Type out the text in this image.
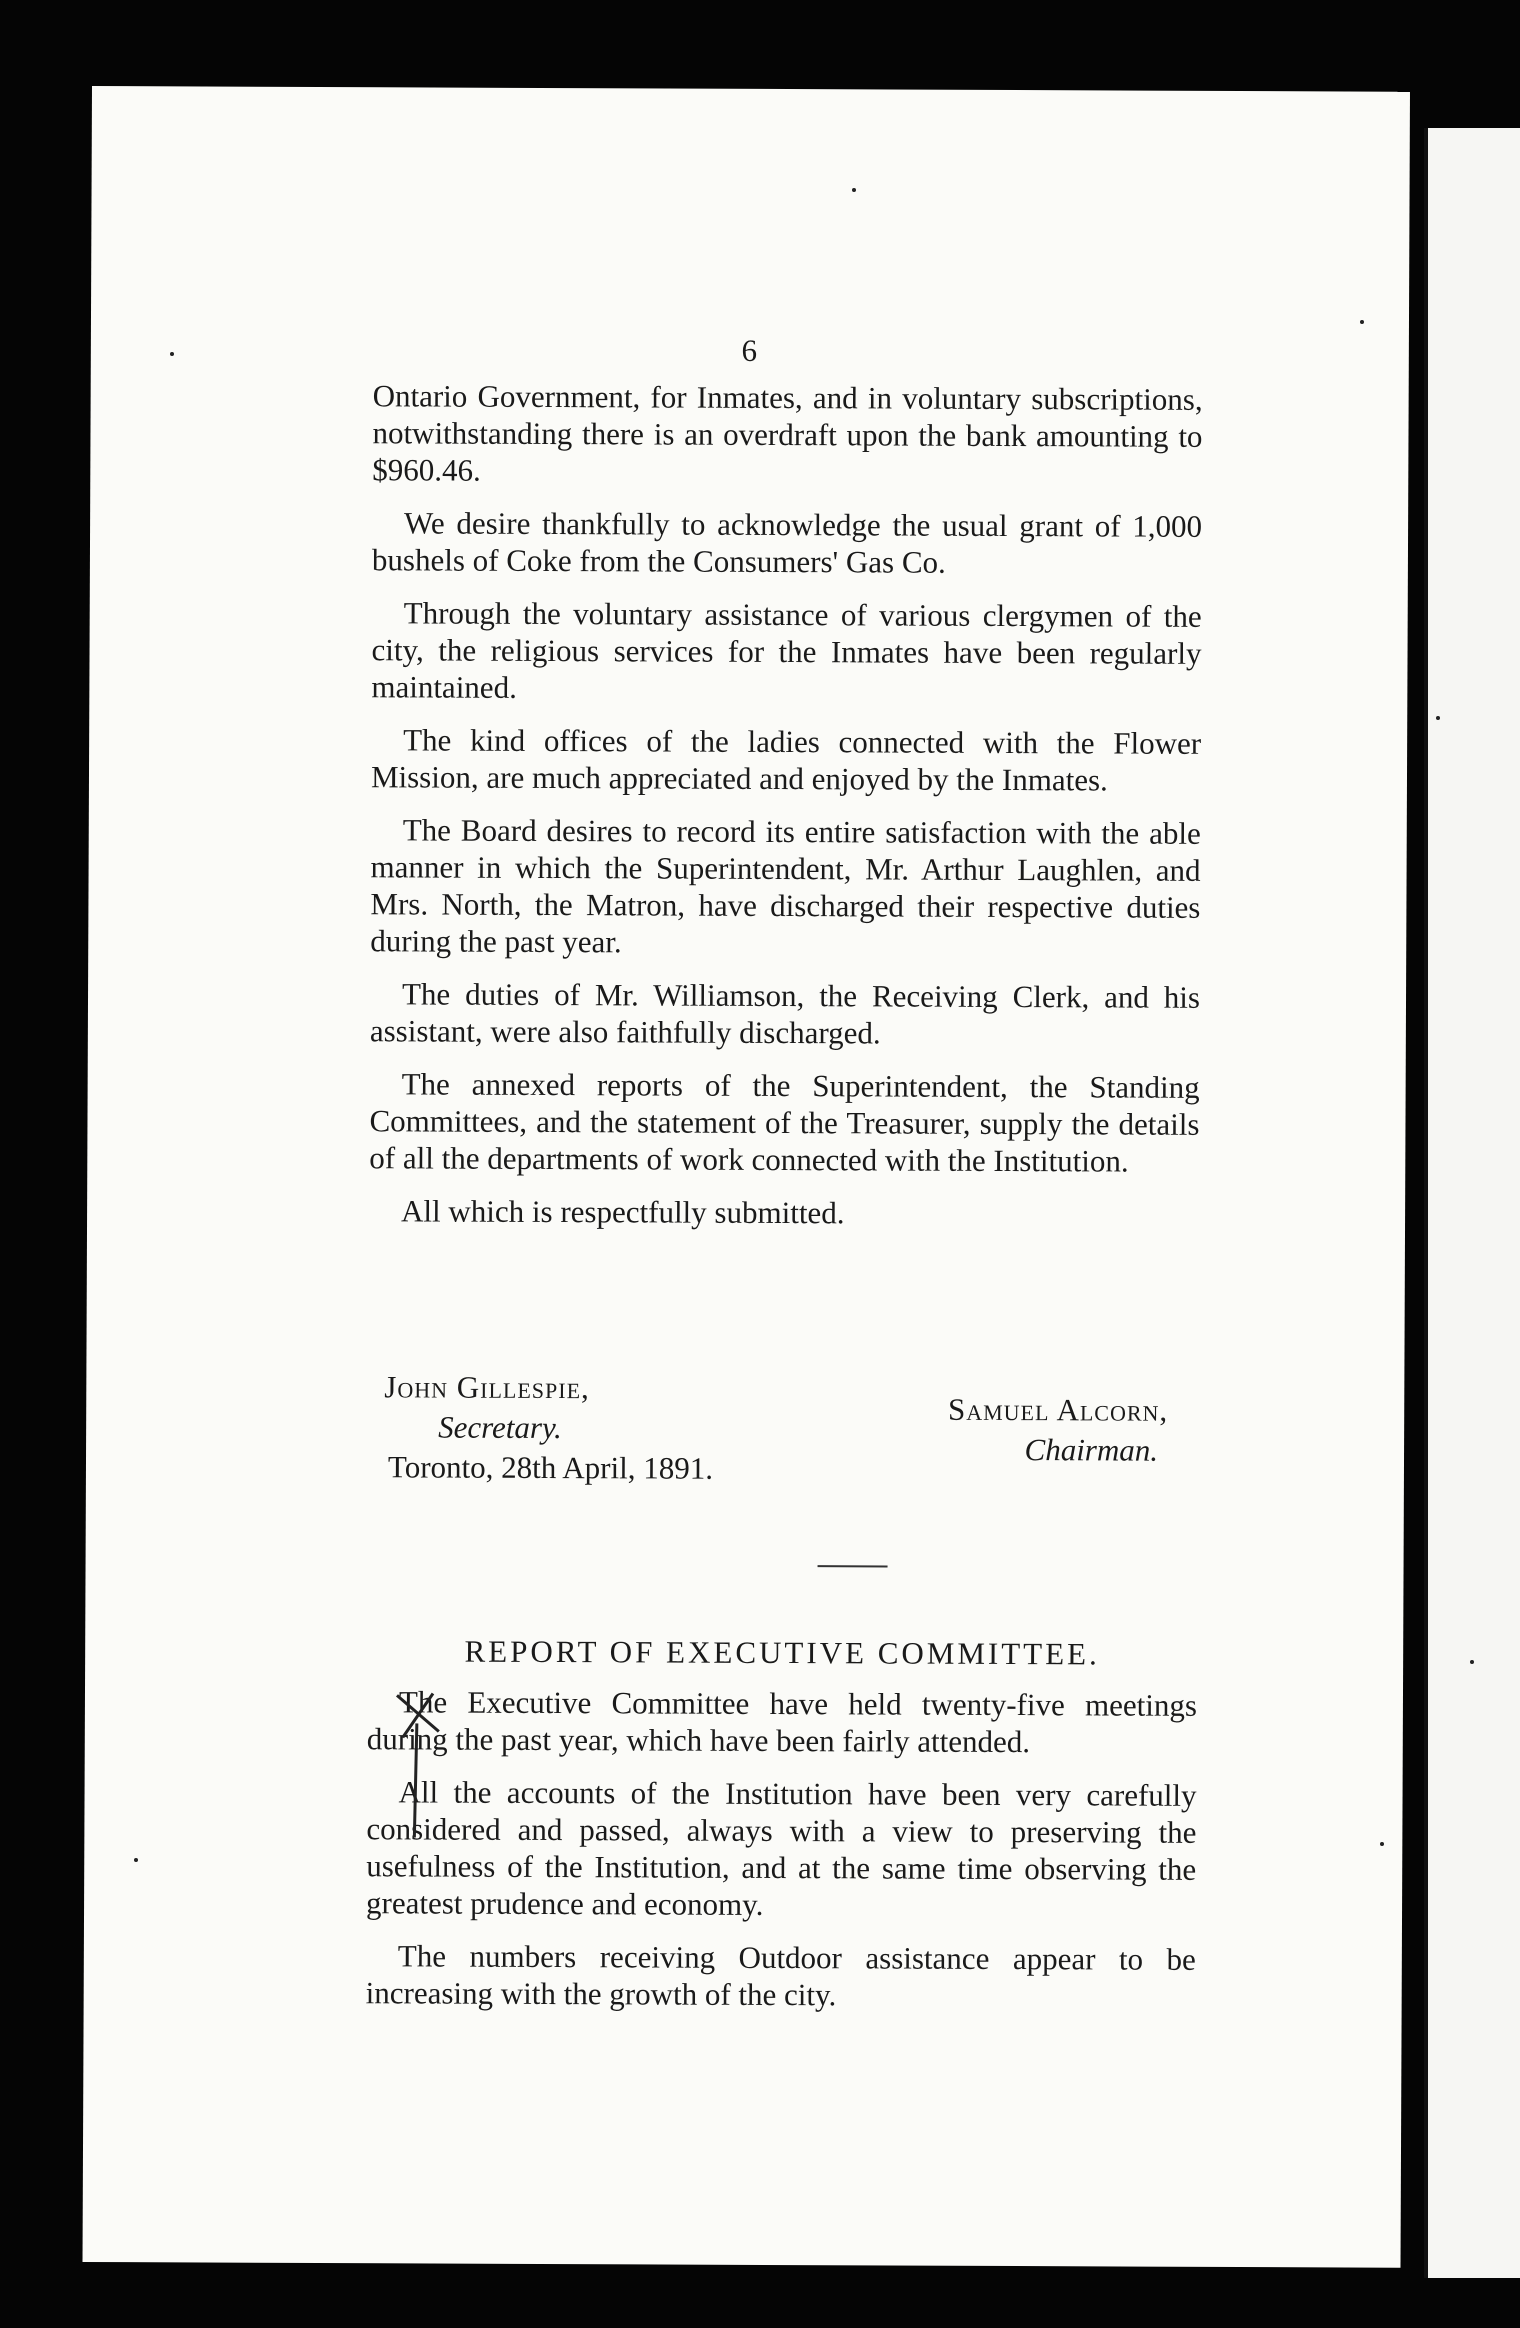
6

Ontario Government, for Inmates, and in voluntary subscriptions, notwithstanding there is an overdraft upon the bank amounting to $960.46.

We desire thankfully to acknowledge the usual grant of 1,000 bushels of Coke from the Consumers' Gas Co.

Through the voluntary assistance of various clergymen of the city, the religious services for the Inmates have been regularly maintained.

The kind offices of the ladies connected with the Flower Mission, are much appreciated and enjoyed by the Inmates.

The Board desires to record its entire satisfaction with the able manner in which the Superintendent, Mr. Arthur Laughlen, and Mrs. North, the Matron, have discharged their respective duties during the past year.

The duties of Mr. Williamson, the Receiving Clerk, and his assistant, were also faithfully discharged.

The annexed reports of the Superintendent, the Standing Committees, and the statement of the Treasurer, supply the details of all the departments of work connected with the Institution.

All which is respectfully submitted.

John Gillespie,
Secretary.
Toronto, 28th April, 1891.
Samuel Alcorn,
Chairman.
REPORT OF EXECUTIVE COMMITTEE.

The Executive Committee have held twenty-five meetings during the past year, which have been fairly attended.

All the accounts of the Institution have been very carefully considered and passed, always with a view to preserving the usefulness of the Institution, and at the same time observing the greatest prudence and economy.

The numbers receiving Outdoor assistance appear to be increasing with the growth of the city.
